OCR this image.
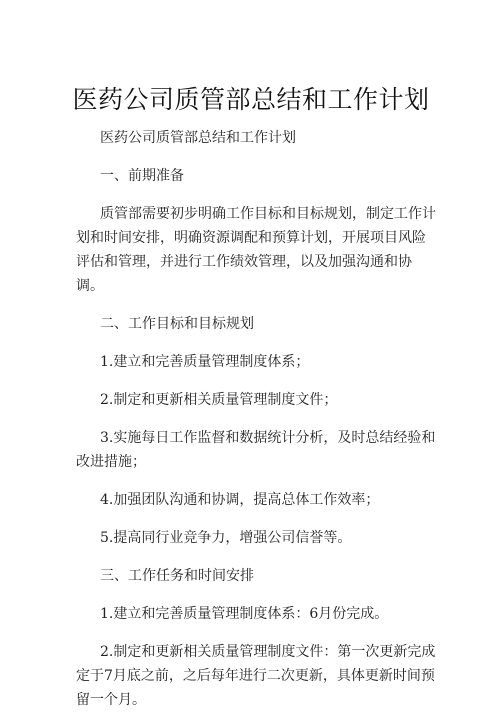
医药公司质管部总结和工作计划

医药公司质管部总结和工作计划

一、前期准备

质管部需要初步明确工作目标和目标规划，制定工作计划和时间安排，明确资源调配和预算计划，开展项目风险评估和管理，并进行工作绩效管理，以及加强沟通和协调。

二、工作目标和目标规划

1.建立和完善质量管理制度体系；

2.制定和更新相关质量管理制度文件；

3.实施每日工作监督和数据统计分析，及时总结经验和改进措施；

4.加强团队沟通和协调，提高总体工作效率；

5.提高同行业竞争力，增强公司信誉等。

三、工作任务和时间安排

1.建立和完善质量管理制度体系：6月份完成。

2.制定和更新相关质量管理制度文件：第一次更新完成定于7月底之前，之后每年进行二次更新，具体更新时间预留一个月。
